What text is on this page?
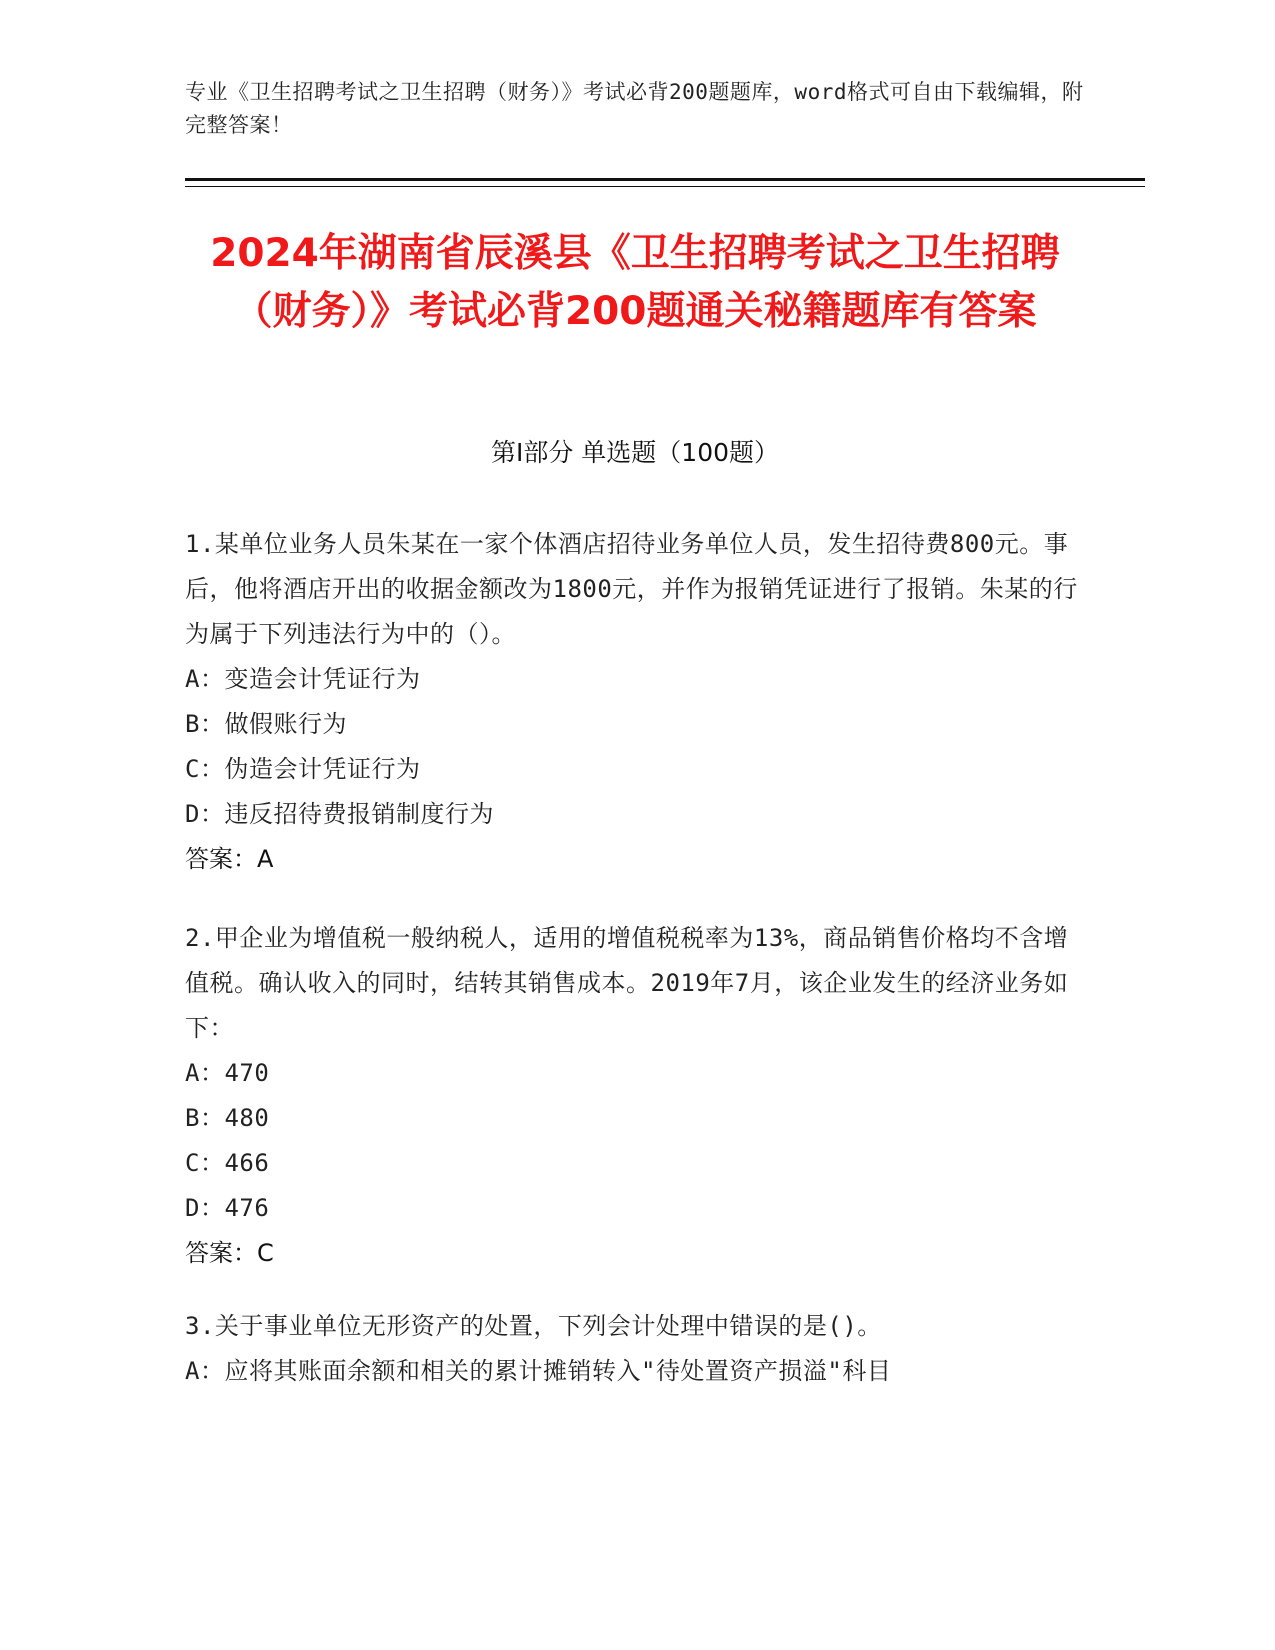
专业《卫生招聘考试之卫生招聘（财务）》考试必背200题题库，word格式可自由下载编辑，附完整答案！
2024年湖南省辰溪县《卫生招聘考试之卫生招聘（财务）》考试必背200题通关秘籍题库有答案
第I部分 单选题（100题）
1.某单位业务人员朱某在一家个体酒店招待业务单位人员，发生招待费800元。事后，他将酒店开出的收据金额改为1800元，并作为报销凭证进行了报销。朱某的行为属于下列违法行为中的（）。
A：变造会计凭证行为
B：做假账行为
C：伪造会计凭证行为
D：违反招待费报销制度行为
答案：A
2.甲企业为增值税一般纳税人，适用的增值税税率为13%，商品销售价格均不含增值税。确认收入的同时，结转其销售成本。2019年7月，该企业发生的经济业务如下：
A：470
B：480
C：466
D：476
答案：C
3.关于事业单位无形资产的处置，下列会计处理中错误的是()。
A：应将其账面余额和相关的累计摊销转入"待处置资产损溢"科目
